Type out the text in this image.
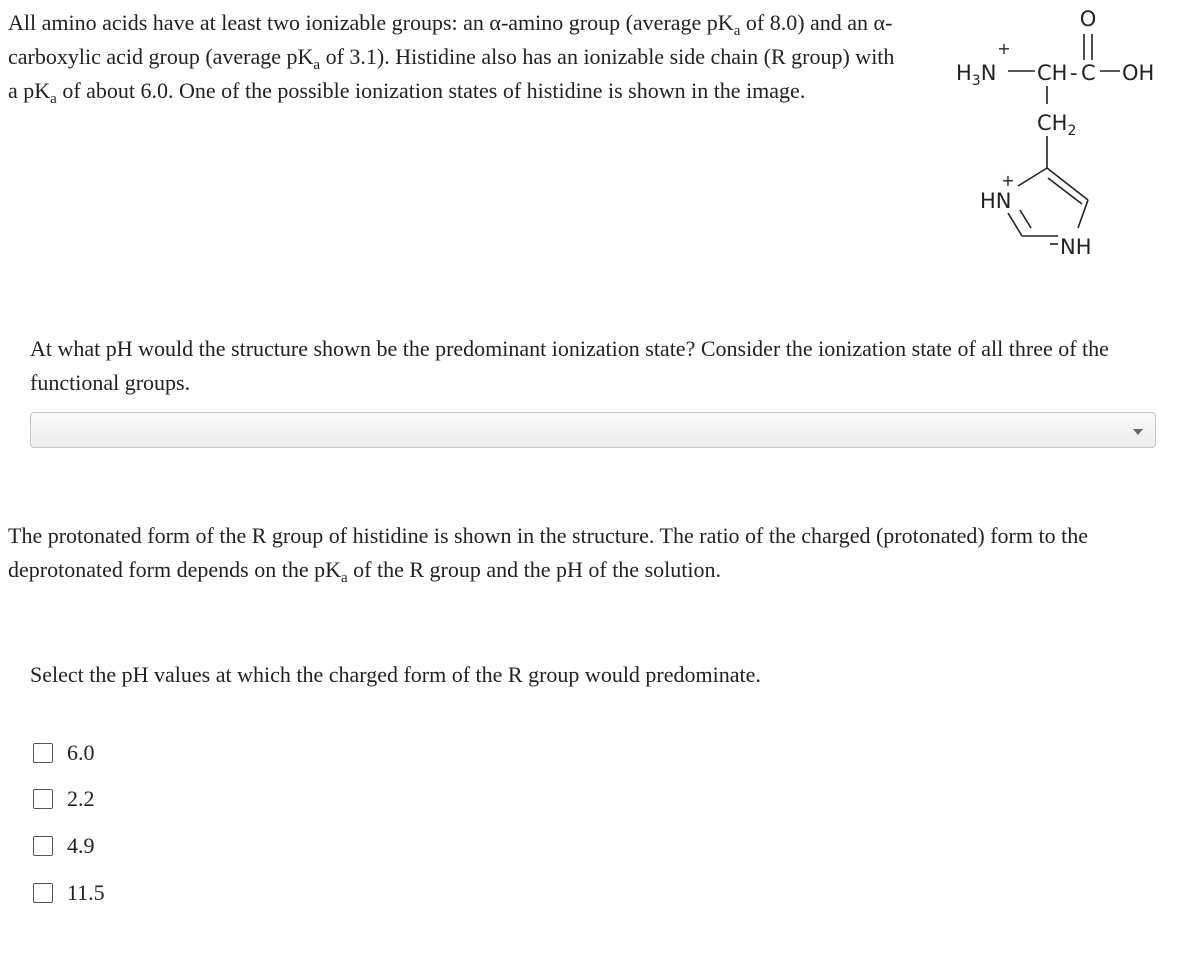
All amino acids have at least two ionizable groups: an α-amino group (average $pK_a$ of 8.0) and an α-carboxylic acid group (average $pK_a$ of 3.1). Histidine also has an ionizable side chain (R group) with a $pK_a$ of about 6.0. One of the possible ionization states of histidine is shown in the image.

O
+
$H_3N$ CH - C OH
$CH_2$
+
HN
NH

At what pH would the structure shown be the predominant ionization state? Consider the ionization state of all three of the functional groups.

The protonated form of the R group of histidine is shown in the structure. The ratio of the charged (protonated) form to the deprotonated form depends on the $pK_a$ of the R group and the pH of the solution.

Select the pH values at which the charged form of the R group would predominate.

6.0
2.2
4.9
11.5
